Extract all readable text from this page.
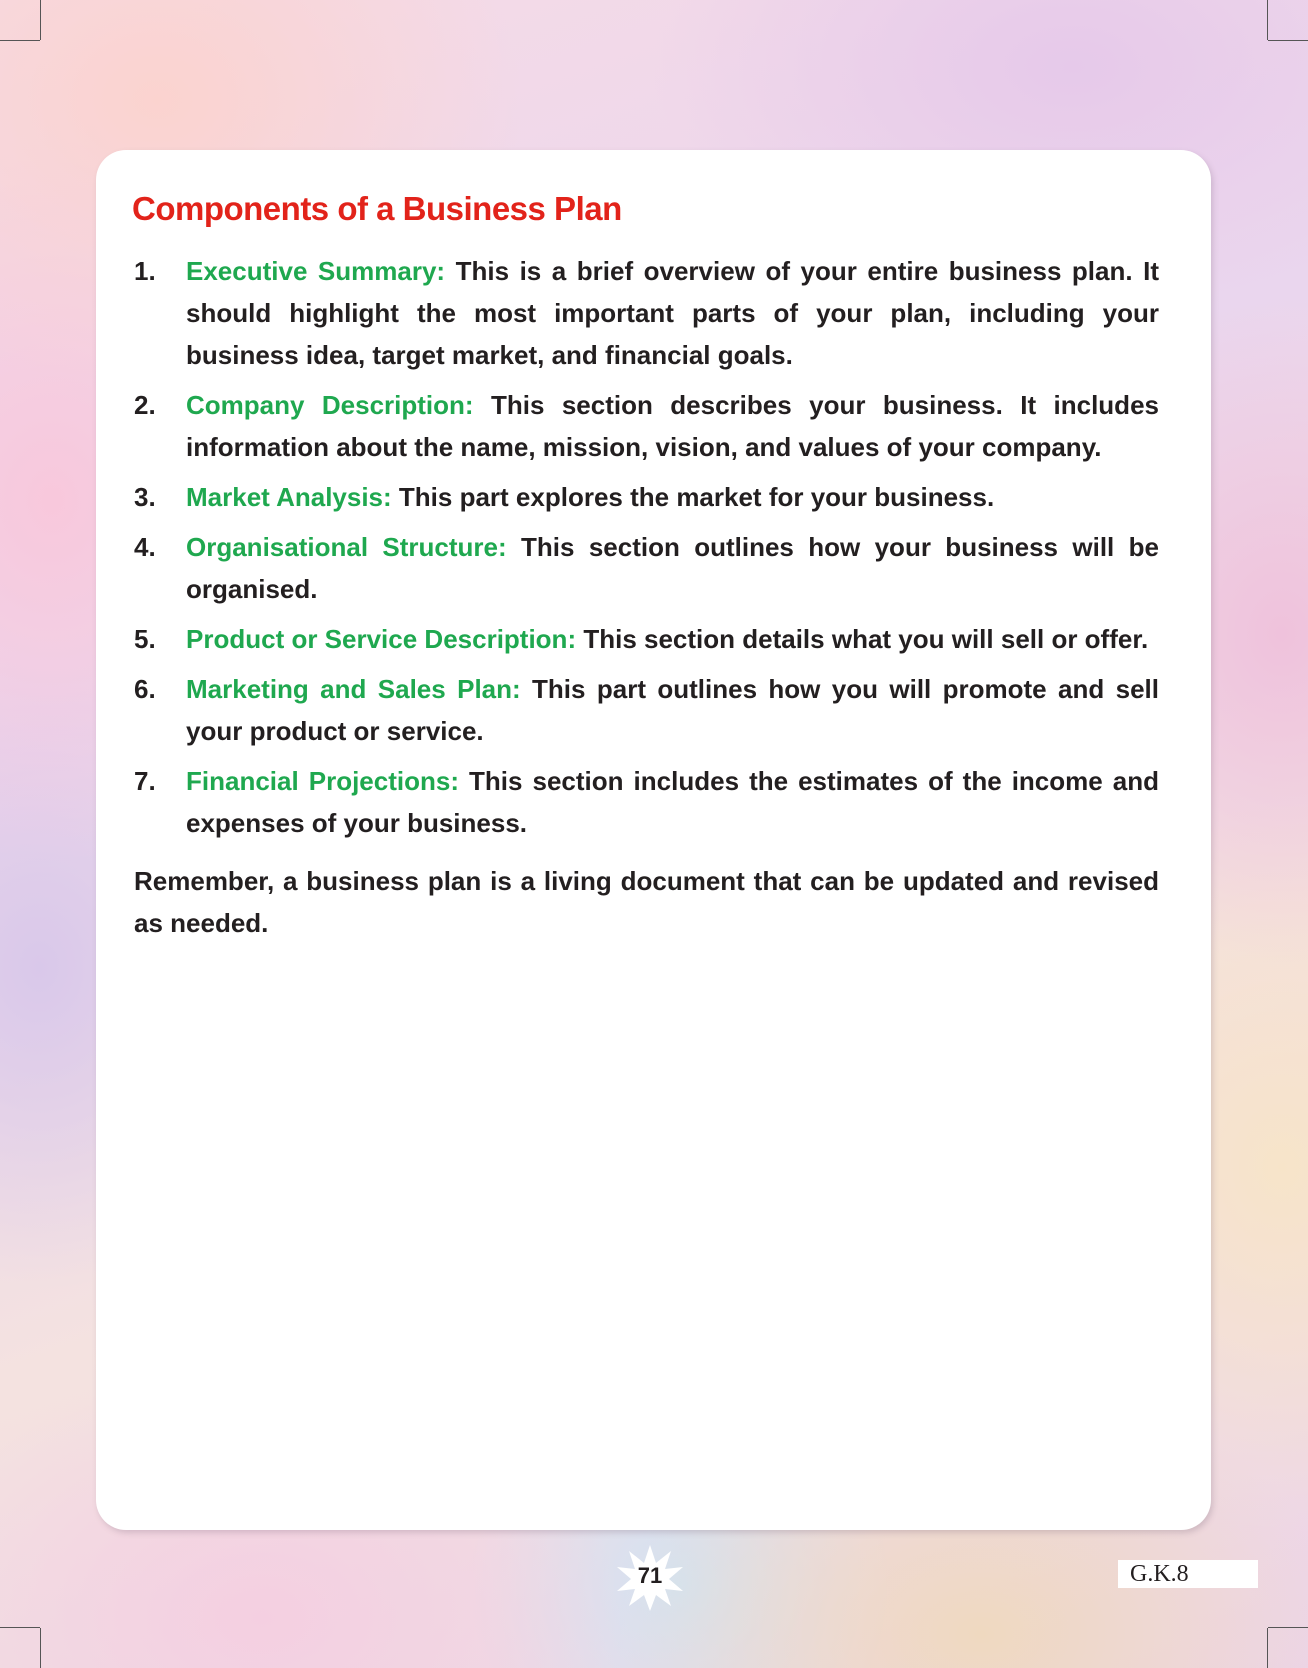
Components of a Business Plan
1. Executive Summary: This is a brief overview of your entire business plan. It should highlight the most important parts of your plan, including your business idea, target market, and financial goals.
2. Company Description: This section describes your business. It includes information about the name, mission, vision, and values of your company.
3. Market Analysis: This part explores the market for your business.
4. Organisational Structure: This section outlines how your business will be organised.
5. Product or Service Description: This section details what you will sell or offer.
6. Marketing and Sales Plan: This part outlines how you will promote and sell your product or service.
7. Financial Projections: This section includes the estimates of the income and expenses of your business.

Remember, a business plan is a living document that can be updated and revised as needed.

71	G.K.8
